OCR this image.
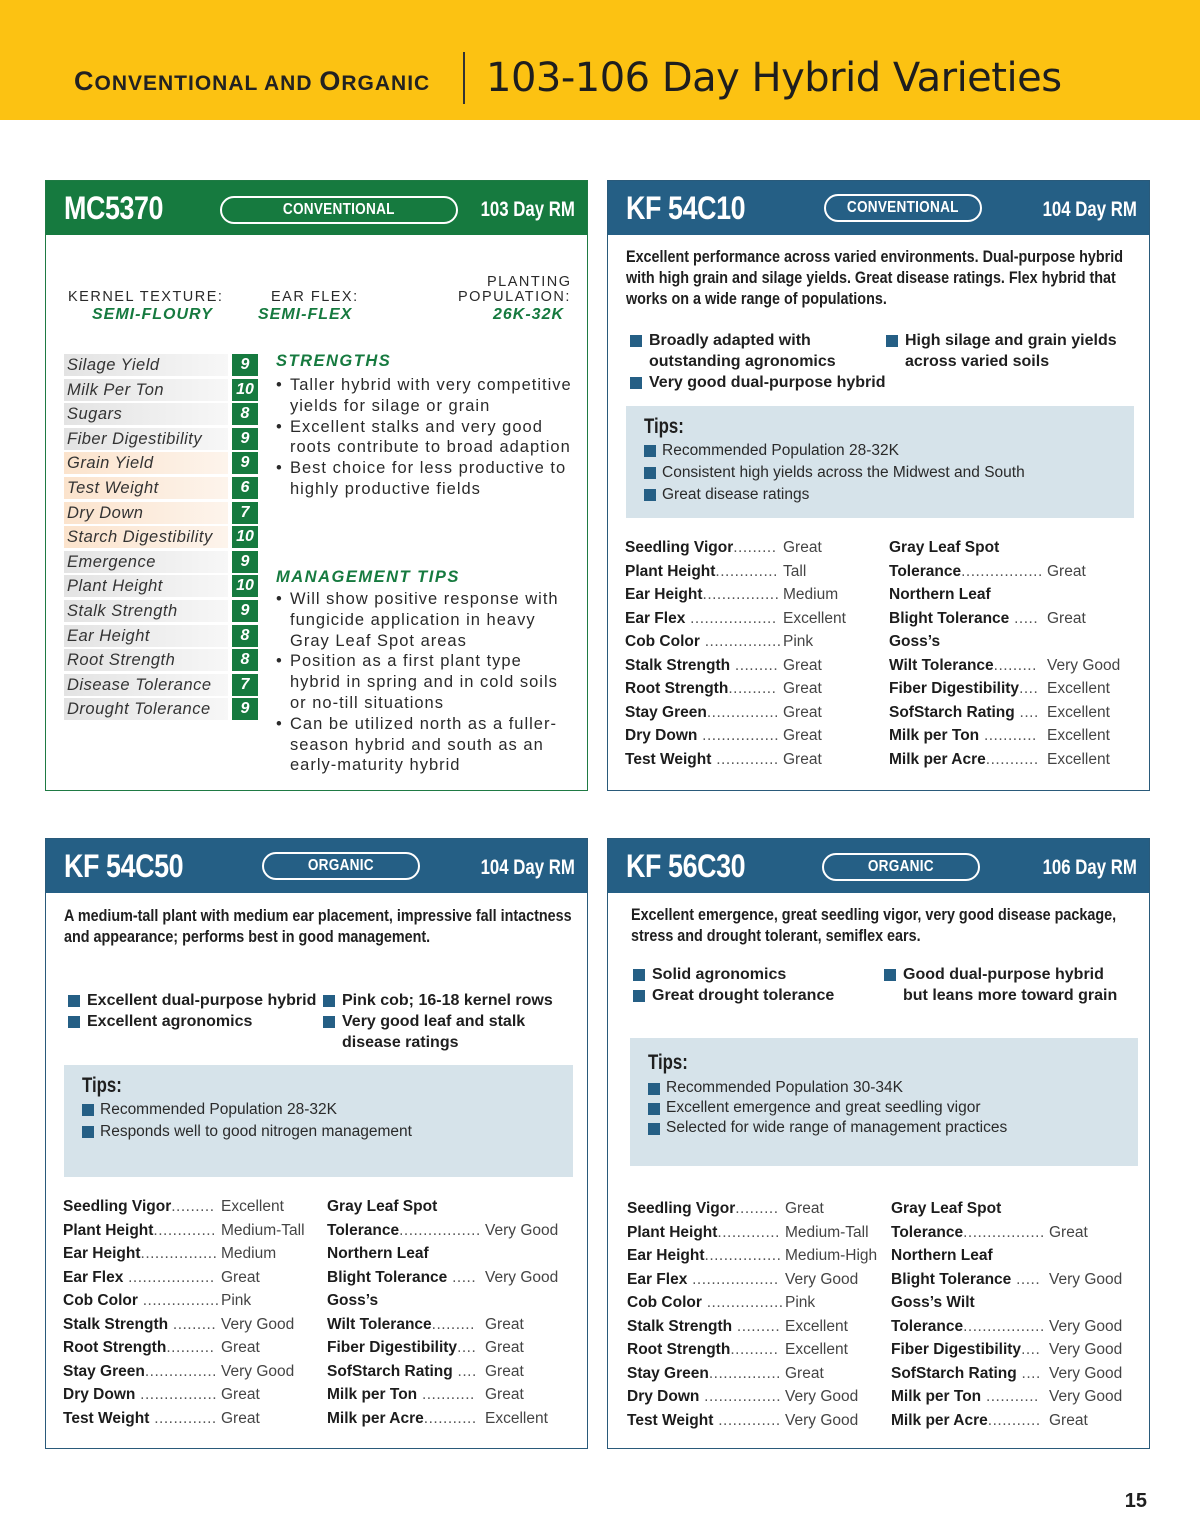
CONVENTIONAL AND ORGANIC 103-106 Day Hybrid Varieties
MC5370	CONVENTIONAL	103 Day RM
KERNEL TEXTURE:
SEMI-FLOURY
EAR FLEX:
SEMI-FLEX
PLANTING
POPULATION:
26K-32K
Silage Yield	9
Milk Per Ton	10
Sugars	8
Fiber Digestibility	9
Grain Yield	9
Test Weight	6
Dry Down	7
Starch Digestibility	10
Emergence	9
Plant Height	10
Stalk Strength	9
Ear Height	8
Root Strength	8
Disease Tolerance	7
Drought Tolerance	9
STRENGTHS
• Taller hybrid with very competitive yields for silage or grain
• Excellent stalks and very good roots contribute to broad adaption
• Best choice for less productive to highly productive fields
MANAGEMENT TIPS
• Will show positive response with fungicide application in heavy Gray Leaf Spot areas
• Position as a first plant type hybrid in spring and in cold soils or no-till situations
• Can be utilized north as a fuller-season hybrid and south as an early-maturity hybrid
KF 54C10	CONVENTIONAL	104 Day RM
Excellent performance across varied environments. Dual-purpose hybrid with high grain and silage yields. Great disease ratings. Flex hybrid that works on a wide range of populations.
Broadly adapted with outstanding agronomics
Very good dual-purpose hybrid
High silage and grain yields across varied soils
Tips:
Recommended Population 28-32K
Consistent high yields across the Midwest and South
Great disease ratings
Seedling Vigor......... Great
Plant Height............. Tall
Ear Height................ Medium
Ear Flex .................. Excellent
Cob Color ................ Pink
Stalk Strength ......... Great
Root Strength.......... Great
Stay Green............... Great
Dry Down ................ Great
Test Weight ............. Great
Gray Leaf Spot
Tolerance................. Great
Northern Leaf
Blight Tolerance ..... Great
Goss’s
Wilt Tolerance......... Very Good
Fiber Digestibility.... Excellent
SofStarch Rating .... Excellent
Milk per Ton ........... Excellent
Milk per Acre........... Excellent
KF 54C50	ORGANIC	104 Day RM
A medium-tall plant with medium ear placement, impressive fall intactness and appearance; performs best in good management.
Excellent dual-purpose hybrid
Excellent agronomics
Pink cob; 16-18 kernel rows
Very good leaf and stalk disease ratings
Tips:
Recommended Population 28-32K
Responds well to good nitrogen management
Seedling Vigor......... Excellent
Plant Height............. Medium-Tall
Ear Height................ Medium
Ear Flex .................. Great
Cob Color ................ Pink
Stalk Strength ......... Very Good
Root Strength.......... Great
Stay Green............... Very Good
Dry Down ................ Great
Test Weight ............. Great
Gray Leaf Spot
Tolerance................. Very Good
Northern Leaf
Blight Tolerance ..... Very Good
Goss’s
Wilt Tolerance......... Great
Fiber Digestibility.... Great
SofStarch Rating .... Great
Milk per Ton ........... Great
Milk per Acre........... Excellent
KF 56C30	ORGANIC	106 Day RM
Excellent emergence, great seedling vigor, very good disease package, stress and drought tolerant, semiflex ears.
Solid agronomics
Great drought tolerance
Good dual-purpose hybrid but leans more toward grain
Tips:
Recommended Population 30-34K
Excellent emergence and great seedling vigor
Selected for wide range of management practices
Seedling Vigor......... Great
Plant Height............. Medium-Tall
Ear Height................ Medium-High
Ear Flex .................. Very Good
Cob Color ................ Pink
Stalk Strength ......... Excellent
Root Strength.......... Excellent
Stay Green............... Great
Dry Down ................ Very Good
Test Weight ............. Very Good
Gray Leaf Spot
Tolerance................. Great
Northern Leaf
Blight Tolerance ..... Very Good
Goss’s Wilt
Tolerance................. Very Good
Fiber Digestibility.... Very Good
SofStarch Rating .... Very Good
Milk per Ton ........... Very Good
Milk per Acre........... Great
15
